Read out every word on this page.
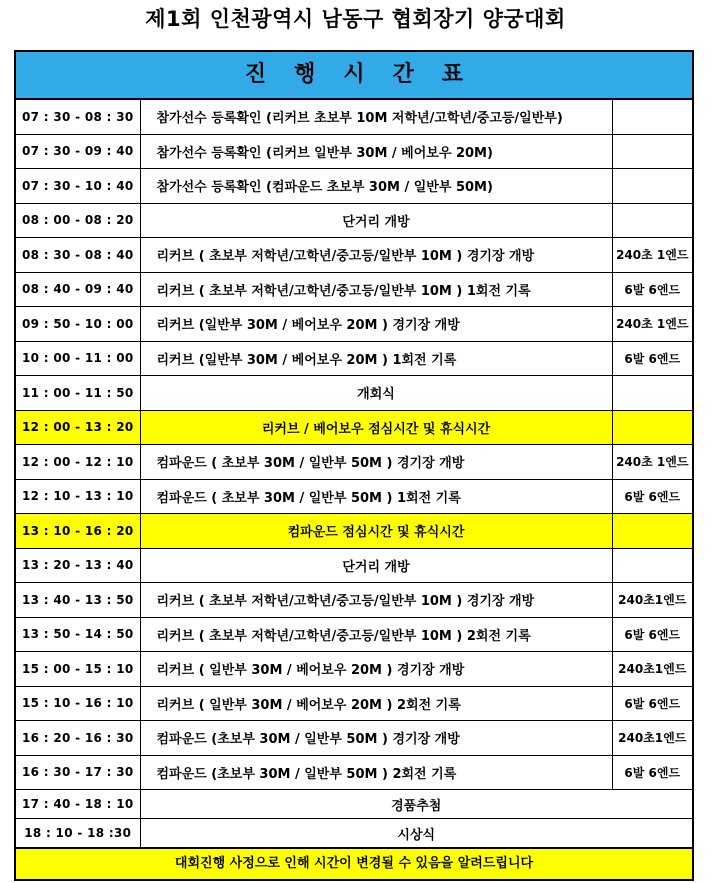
제1회 인천광역시 남동구 협회장기 양궁대회
진행시간표
07 : 30 - 08 : 30	참가선수 등록확인 (리커브 초보부 10M 저학년/고학년/중고등/일반부)	
07 : 30 - 09 : 40	참가선수 등록확인 (리커브 일반부 30M / 베어보우 20M)	
07 : 30 - 10 : 40	참가선수 등록확인 (컴파운드 초보부 30M / 일반부 50M)	
08 : 00 - 08 : 20	단거리 개방	
08 : 30 - 08 : 40	리커브 ( 초보부 저학년/고학년/중고등/일반부 10M ) 경기장 개방	240초 1엔드
08 : 40 - 09 : 40	리커브 ( 초보부 저학년/고학년/중고등/일반부 10M ) 1회전 기록	6발 6엔드
09 : 50 - 10 : 00	리커브 (일반부 30M / 베어보우 20M ) 경기장 개방	240초 1엔드
10 : 00 - 11 : 00	리커브 (일반부 30M / 베어보우 20M ) 1회전 기록	6발 6엔드
11 : 00 - 11 : 50	개회식	
12 : 00 - 13 : 20	리커브 / 베어보우 점심시간 및 휴식시간	
12 : 00 - 12 : 10	컴파운드 ( 초보부 30M / 일반부 50M ) 경기장 개방	240초 1엔드
12 : 10 - 13 : 10	컴파운드 ( 초보부 30M / 일반부 50M ) 1회전 기록	6발 6엔드
13 : 10 - 16 : 20	컴파운드 점심시간 및 휴식시간	
13 : 20 - 13 : 40	단거리 개방	
13 : 40 - 13 : 50	리커브 ( 초보부 저학년/고학년/중고등/일반부 10M ) 경기장 개방	240초1엔드
13 : 50 - 14 : 50	리커브 ( 초보부 저학년/고학년/중고등/일반부 10M ) 2회전 기록	6발 6엔드
15 : 00 - 15 : 10	리커브 ( 일반부 30M / 베어보우 20M ) 경기장 개방	240초1엔드
15 : 10 - 16 : 10	리커브 ( 일반부 30M / 베어보우 20M ) 2회전 기록	6발 6엔드
16 : 20 - 16 : 30	컴파운드 (초보부 30M / 일반부 50M ) 경기장 개방	240초1엔드
16 : 30 - 17 : 30	컴파운드 (초보부 30M / 일반부 50M ) 2회전 기록	6발 6엔드
17 : 40 - 18 : 10	경품추첨	
18 : 10 - 18 :30	시상식	
대회진행 사정으로 인해 시간이 변경될 수 있음을 알려드립니다
